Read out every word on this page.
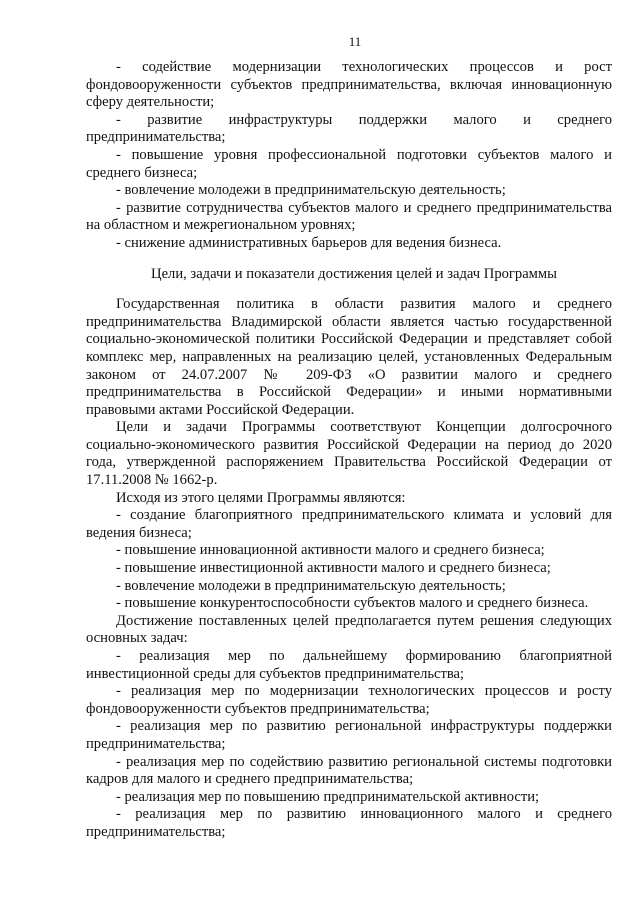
11

- содействие модернизации технологических процессов и рост фондовооруженности субъектов предпринимательства, включая инновационную сферу деятельности;

- развитие инфраструктуры поддержки малого и среднего предпринимательства;

- повышение уровня профессиональной подготовки субъектов малого и среднего бизнеса;

- вовлечение молодежи в предпринимательскую деятельность;

- развитие сотрудничества субъектов малого и среднего предпринимательства на областном и межрегиональном уровнях;

- снижение административных барьеров для ведения бизнеса.

Цели, задачи и показатели достижения целей и задач Программы

Государственная политика в области развития малого и среднего предпринимательства Владимирской области является частью государственной социально-экономической политики Российской Федерации и представляет собой комплекс мер, направленных на реализацию целей, установленных Федеральным законом от 24.07.2007 № 209-ФЗ «О развитии малого и среднего предпринимательства в Российской Федерации» и иными нормативными правовыми актами Российской Федерации.

Цели и задачи Программы соответствуют Концепции долгосрочного социально-экономического развития Российской Федерации на период до 2020 года, утвержденной распоряжением Правительства Российской Федерации от 17.11.2008 № 1662-р.

Исходя из этого целями Программы являются:

- создание благоприятного предпринимательского климата и условий для ведения бизнеса;

- повышение инновационной активности малого и среднего бизнеса;

- повышение инвестиционной активности малого и среднего бизнеса;

- вовлечение молодежи в предпринимательскую деятельность;

- повышение конкурентоспособности субъектов малого и среднего бизнеса.

Достижение поставленных целей предполагается путем решения следующих основных задач:

- реализация мер по дальнейшему формированию благоприятной инвестиционной среды для субъектов предпринимательства;

- реализация мер по модернизации технологических процессов и росту фондовооруженности субъектов предпринимательства;

- реализация мер по развитию региональной инфраструктуры поддержки предпринимательства;

- реализация мер по содействию развитию региональной системы подготовки кадров для малого и среднего предпринимательства;

- реализация мер по повышению предпринимательской активности;

- реализация мер по развитию инновационного малого и среднего предпринимательства;
